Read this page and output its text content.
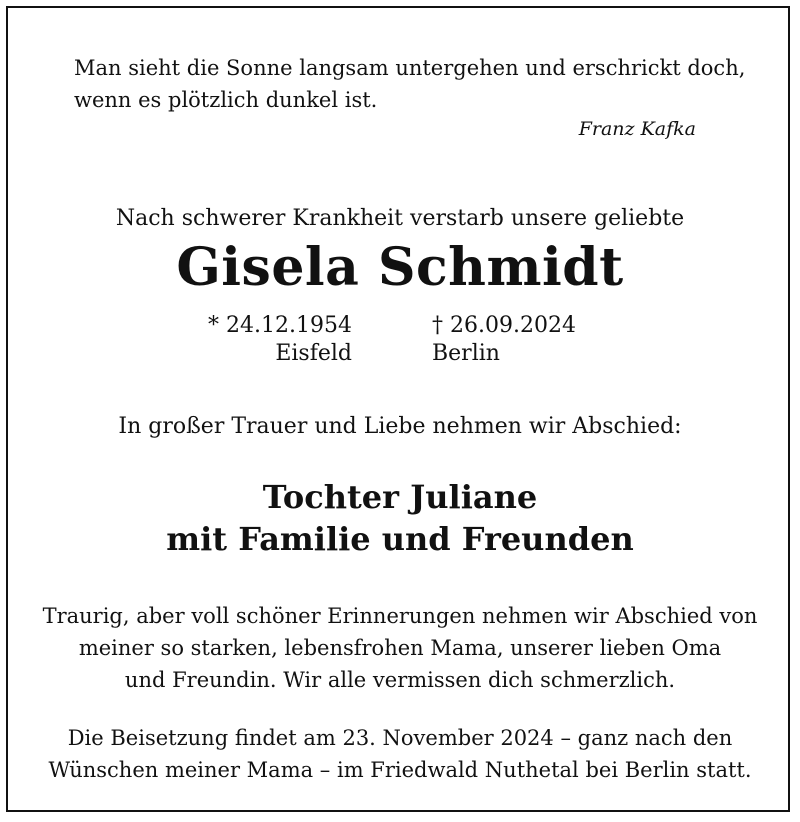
Man sieht die Sonne langsam untergehen und erschrickt doch,
wenn es plötzlich dunkel ist.
Franz Kafka
Nach schwerer Krankheit verstarb unsere geliebte
Gisela Schmidt
* 24.12.1954
Eisfeld
† 26.09.2024
Berlin
In großer Trauer und Liebe nehmen wir Abschied:
Tochter Juliane
mit Familie und Freunden
Traurig, aber voll schöner Erinnerungen nehmen wir Abschied von
meiner so starken, lebensfrohen Mama, unserer lieben Oma
und Freundin. Wir alle vermissen dich schmerzlich.
Die Beisetzung findet am 23. November 2024 – ganz nach den
Wünschen meiner Mama – im Friedwald Nuthetal bei Berlin statt.
